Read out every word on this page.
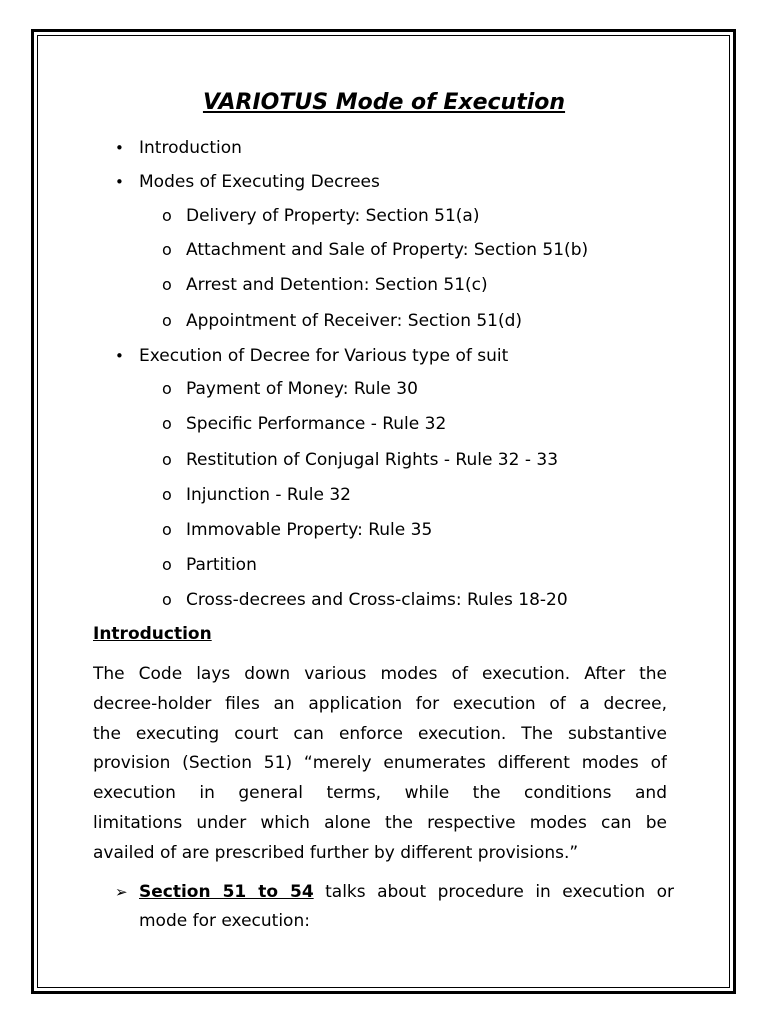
VARIOTUS Mode of Execution
• Introduction
• Modes of Executing Decrees
o Delivery of Property: Section 51(a)
o Attachment and Sale of Property: Section 51(b)
o Arrest and Detention: Section 51(c)
o Appointment of Receiver: Section 51(d)
• Execution of Decree for Various type of suit
o Payment of Money: Rule 30
o Specific Performance - Rule 32
o Restitution of Conjugal Rights - Rule 32 - 33
o Injunction - Rule 32
o Immovable Property: Rule 35
o Partition
o Cross-decrees and Cross-claims: Rules 18-20
Introduction
The Code lays down various modes of execution. After the
decree-holder files an application for execution of a decree,
the executing court can enforce execution. The substantive
provision (Section 51) “merely enumerates different modes of
execution in general terms, while the conditions and
limitations under which alone the respective modes can be
availed of are prescribed further by different provisions.”
➢ Section 51 to 54 talks about procedure in execution or
mode for execution:
